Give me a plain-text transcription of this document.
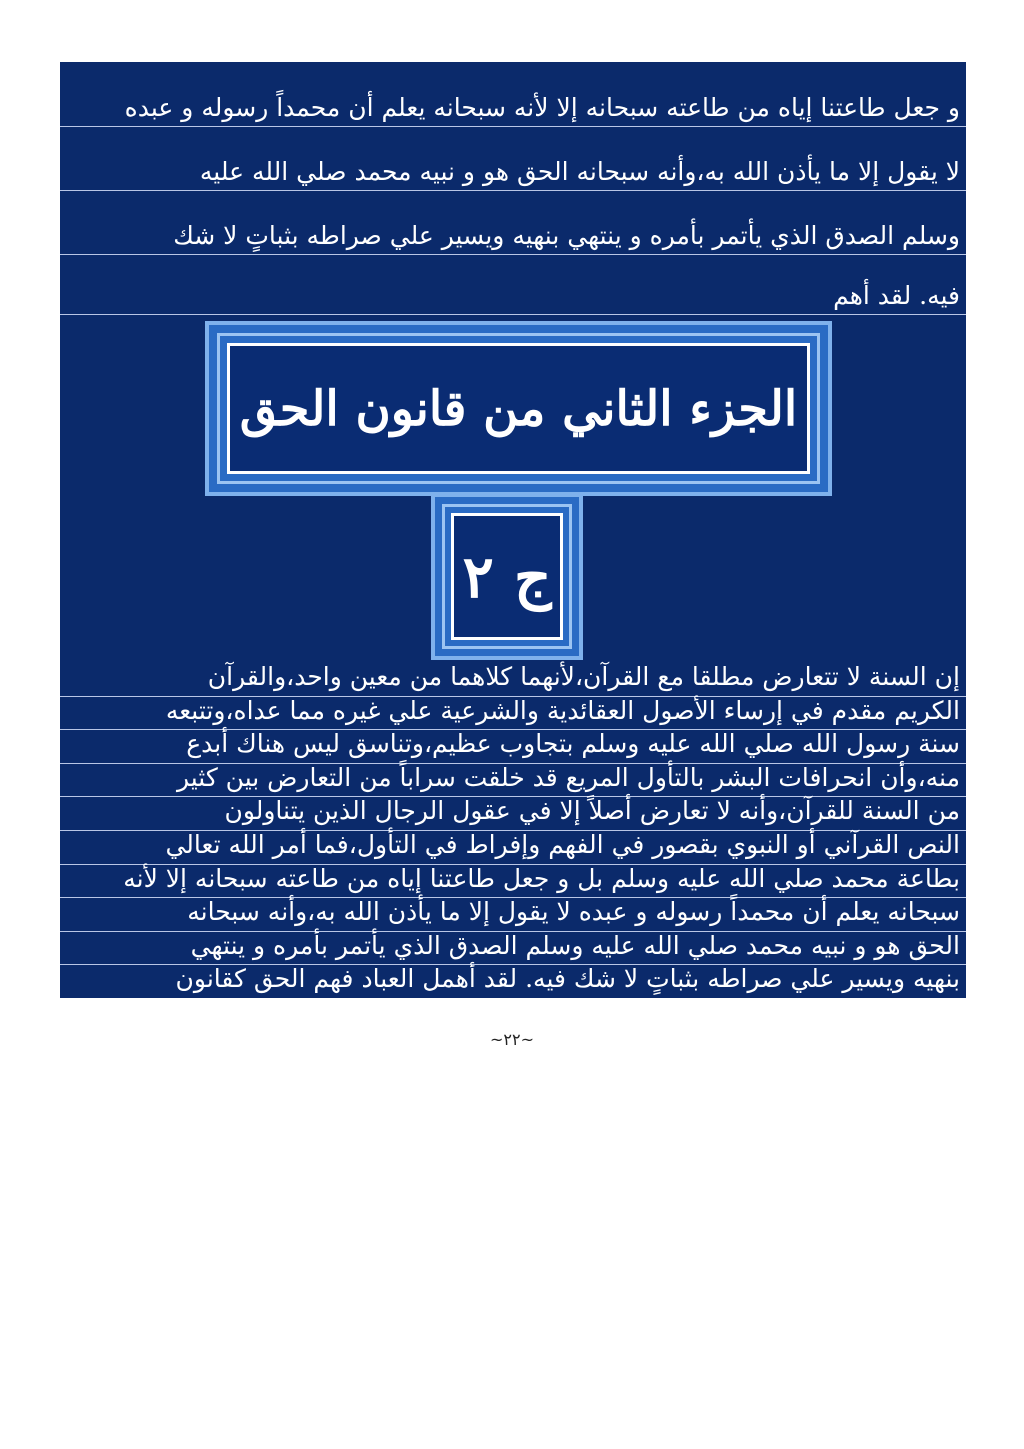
و جعل طاعتنا إياه من طاعته سبحانه إلا لأنه سبحانه يعلم أن محمداً رسوله و عبده
لا يقول إلا ما يأذن الله به،وأنه سبحانه الحق هو و نبيه محمد صلي الله عليه
وسلم الصدق الذي يأتمر بأمره و ينتهي بنهيه ويسير علي صراطه بثباتٍ لا شك
فيه. لقد أهم
الجزء الثاني من قانون الحق
ج ٢
إن السنة لا تتعارض مطلقا مع القرآن،لأنهما كلاهما من معين واحد،والقرآن
الكريم مقدم في إرساء الأصول العقائدية والشرعية علي غيره مما عداه،وتتبعه
سنة رسول الله صلي الله عليه وسلم بتجاوب عظيم،وتناسق ليس هناك أبدع
منه،وأن انحرافات البشر بالتأول المريع قد خلقت سراباً من التعارض بين كثير
من السنة للقرآن،وأنه لا تعارض أصلاً إلا في عقول الرجال الذين يتناولون
النص القرآني أو النبوي بقصور في الفهم وإفراط في التأول،فما أمر الله تعالي
بطاعة محمد صلي الله عليه وسلم بل و جعل طاعتنا إياه من طاعته سبحانه إلا لأنه
سبحانه يعلم أن محمداً رسوله و عبده لا يقول إلا ما يأذن الله به،وأنه سبحانه
الحق هو و نبيه محمد صلي الله عليه وسلم الصدق الذي يأتمر بأمره و ينتهي
بنهيه ويسير علي صراطه بثباتٍ لا شك فيه. لقد أهمل العباد فهم الحق كقانون
~٢٢~
